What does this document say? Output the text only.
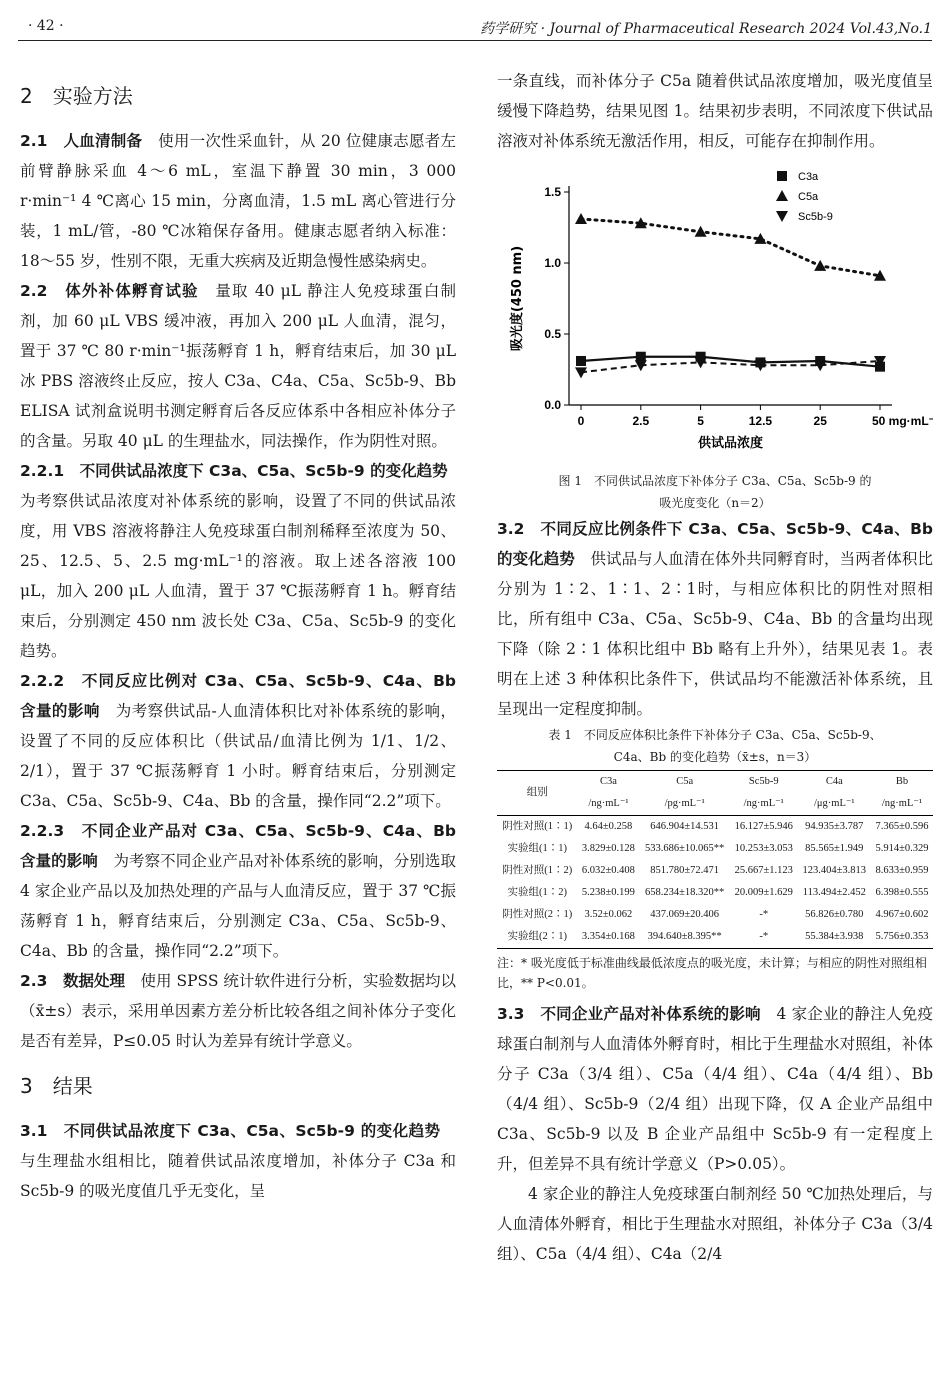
· 42 ·	药学研究 · Journal of Pharmaceutical Research 2024 Vol.43,No.1
2　实验方法

2.1　人血清制备　使用一次性采血针，从 20 位健康志愿者左前臂静脉采血 4～6 mL，室温下静置 30 min，3 000 r·min⁻¹ 4 ℃离心 15 min，分离血清，1.5 mL 离心管进行分装，1 mL/管，-80 ℃冰箱保存备用。健康志愿者纳入标准：18～55 岁，性别不限，无重大疾病及近期急慢性感染病史。

2.2　体外补体孵育试验　量取 40 μL 静注人免疫球蛋白制剂，加 60 μL VBS 缓冲液，再加入 200 μL 人血清，混匀，置于 37 ℃ 80 r·min⁻¹振荡孵育 1 h，孵育结束后，加 30 μL 冰 PBS 溶液终止反应，按人 C3a、C4a、C5a、Sc5b-9、Bb ELISA 试剂盒说明书测定孵育后各反应体系中各相应补体分子的含量。另取 40 μL 的生理盐水，同法操作，作为阴性对照。

2.2.1　不同供试品浓度下 C3a、C5a、Sc5b-9 的变化趋势　为考察供试品浓度对补体系统的影响，设置了不同的供试品浓度，用 VBS 溶液将静注人免疫球蛋白制剂稀释至浓度为 50、25、12.5、5、2.5 mg·mL⁻¹的溶液。取上述各溶液 100 μL，加入 200 μL 人血清，置于 37 ℃振荡孵育 1 h。孵育结束后，分别测定 450 nm 波长处 C3a、C5a、Sc5b-9 的变化趋势。

2.2.2　不同反应比例对 C3a、C5a、Sc5b-9、C4a、Bb 含量的影响　为考察供试品-人血清体积比对补体系统的影响，设置了不同的反应体积比（供试品/血清比例为 1/1、1/2、2/1），置于 37 ℃振荡孵育 1 小时。孵育结束后，分别测定 C3a、C5a、Sc5b-9、C4a、Bb 的含量，操作同“2.2”项下。

2.2.3　不同企业产品对 C3a、C5a、Sc5b-9、C4a、Bb 含量的影响　为考察不同企业产品对补体系统的影响，分别选取 4 家企业产品以及加热处理的产品与人血清反应，置于 37 ℃振荡孵育 1 h，孵育结束后，分别测定 C3a、C5a、Sc5b-9、C4a、Bb 的含量，操作同“2.2”项下。

2.3　数据处理　使用 SPSS 统计软件进行分析，实验数据均以（x̄±s）表示，采用单因素方差分析比较各组之间补体分子变化是否有差异，P≤0.05 时认为差异有统计学意义。

3　结果

3.1　不同供试品浓度下 C3a、C5a、Sc5b-9 的变化趋势　与生理盐水组相比，随着供试品浓度增加，补体分子 C3a 和 Sc5b-9 的吸光度值几乎无变化，呈

一条直线，而补体分子 C5a 随着供试品浓度增加，吸光度值呈缓慢下降趋势，结果见图 1。结果初步表明，不同浓度下供试品溶液对补体系统无激活作用，相反，可能存在抑制作用。

0.0
0.5
1.0
1.5
0	2.5	5	12.5	25	50 mg·mL⁻¹
供试品浓度
吸光度(450 nm)
C3a
C5a
Sc5b-9
图 1　不同供试品浓度下补体分子 C3a、C5a、Sc5b-9 的
吸光度变化（n＝2）

3.2　不同反应比例条件下 C3a、C5a、Sc5b-9、C4a、Bb 的变化趋势　供试品与人血清在体外共同孵育时，当两者体积比分别为 1∶2、1∶1、2∶1时，与相应体积比的阴性对照相比，所有组中 C3a、C5a、Sc5b-9、C4a、Bb 的含量均出现下降（除 2∶1 体积比组中 Bb 略有上升外），结果见表 1。表明在上述 3 种体积比条件下，供试品均不能激活补体系统，且呈现出一定程度抑制。

表 1　不同反应体积比条件下补体分子 C3a、C5a、Sc5b-9、
C4a、Bb 的变化趋势（x̄±s，n＝3）
组别	C3a	C5a	Sc5b-9	C4a	Bb
	/ng·mL⁻¹	/pg·mL⁻¹	/ng·mL⁻¹	/μg·mL⁻¹	/ng·mL⁻¹
阴性对照(1∶1)	4.64±0.258	646.904±14.531	16.127±5.946	94.935±3.787	7.365±0.596
实验组(1∶1)	3.829±0.128	533.686±10.065**	10.253±3.053	85.565±1.949	5.914±0.329
阴性对照(1∶2)	6.032±0.408	851.780±72.471	25.667±1.123	123.404±3.813	8.633±0.959
实验组(1∶2)	5.238±0.199	658.234±18.320**	20.009±1.629	113.494±2.452	6.398±0.555
阴性对照(2∶1)	3.52±0.062	437.069±20.406	-*	56.826±0.780	4.967±0.602
实验组(2∶1)	3.354±0.168	394.640±8.395**	-*	55.384±3.938	5.756±0.353
注：* 吸光度低于标准曲线最低浓度点的吸光度，未计算；与相应的阴性对照组相比，** P<0.01。

3.3　不同企业产品对补体系统的影响　4 家企业的静注人免疫球蛋白制剂与人血清体外孵育时，相比于生理盐水对照组，补体分子 C3a（3/4 组）、C5a（4/4 组）、C4a（4/4 组）、Bb（4/4 组）、Sc5b-9（2/4 组）出现下降，仅 A 企业产品组中 C3a、Sc5b-9 以及 B 企业产品组中 Sc5b-9 有一定程度上升，但差异不具有统计学意义（P>0.05）。

4 家企业的静注人免疫球蛋白制剂经 50 ℃加热处理后，与人血清体外孵育，相比于生理盐水对照组，补体分子 C3a（3/4 组）、C5a（4/4 组）、C4a（2/4
